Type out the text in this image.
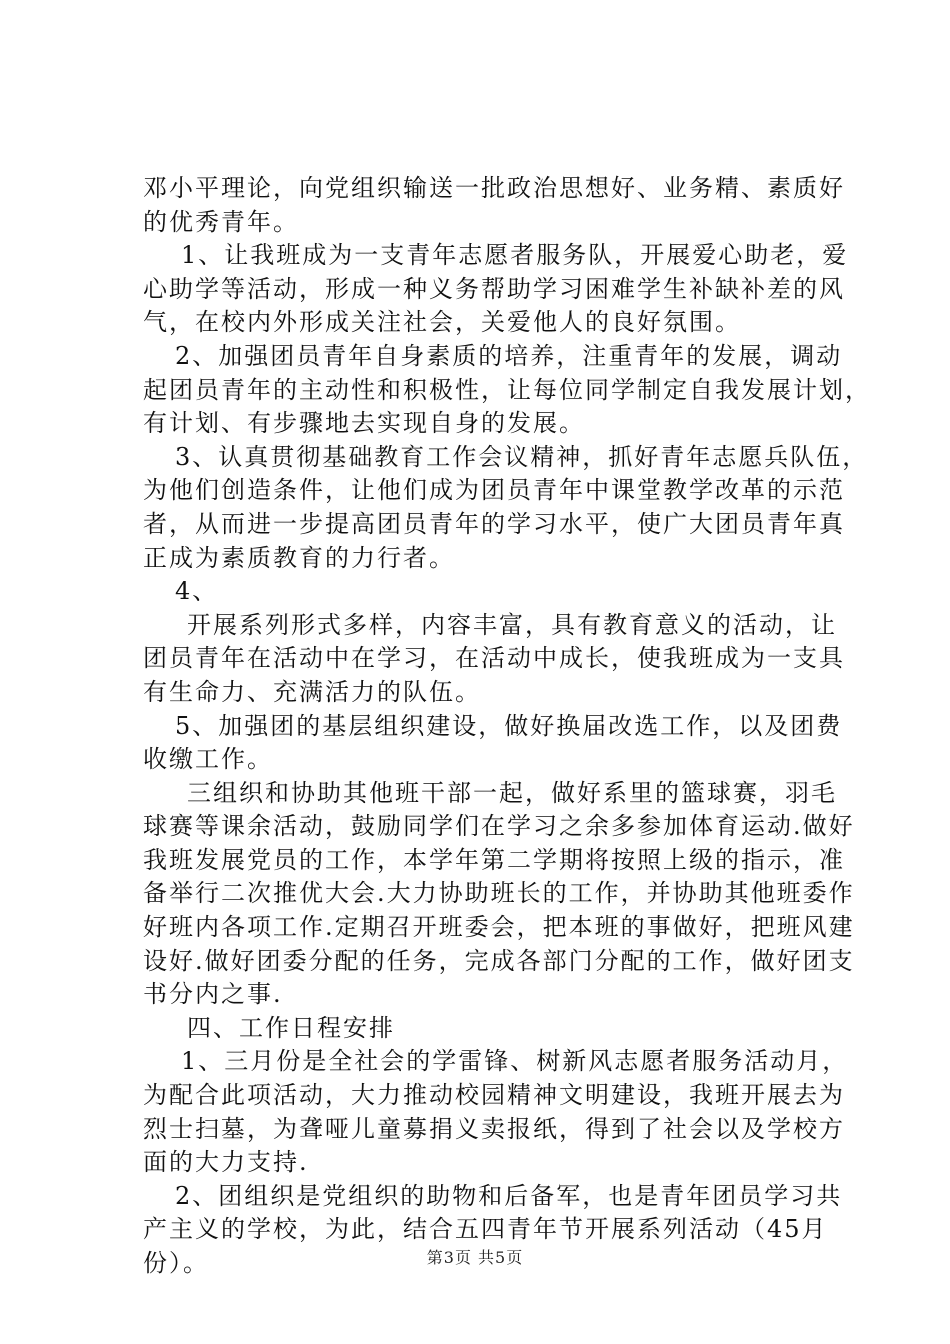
邓小平理论，向党组织输送一批政治思想好、业务精、素质好
的优秀青年。
1、让我班成为一支青年志愿者服务队，开展爱心助老，爱
心助学等活动，形成一种义务帮助学习困难学生补缺补差的风
气，在校内外形成关注社会，关爱他人的良好氛围。
2、加强团员青年自身素质的培养，注重青年的发展，调动
起团员青年的主动性和积极性，让每位同学制定自我发展计划，
有计划、有步骤地去实现自身的发展。
3、认真贯彻基础教育工作会议精神，抓好青年志愿兵队伍，
为他们创造条件，让他们成为团员青年中课堂教学改革的示范
者，从而进一步提高团员青年的学习水平，使广大团员青年真
正成为素质教育的力行者。
4、
开展系列形式多样，内容丰富，具有教育意义的活动，让
团员青年在活动中在学习，在活动中成长，使我班成为一支具
有生命力、充满活力的队伍。
5、加强团的基层组织建设，做好换届改选工作，以及团费
收缴工作。
三组织和协助其他班干部一起，做好系里的篮球赛，羽毛
球赛等课余活动，鼓励同学们在学习之余多参加体育运动.做好
我班发展党员的工作，本学年第二学期将按照上级的指示，准
备举行二次推优大会.大力协助班长的工作，并协助其他班委作
好班内各项工作.定期召开班委会，把本班的事做好，把班风建
设好.做好团委分配的任务，完成各部门分配的工作，做好团支
书分内之事.
四、工作日程安排
1、三月份是全社会的学雷锋、树新风志愿者服务活动月，
为配合此项活动，大力推动校园精神文明建设，我班开展去为
烈士扫墓，为聋哑儿童募捐义卖报纸，得到了社会以及学校方
面的大力支持.
2、团组织是党组织的助物和后备军，也是青年团员学习共
产主义的学校，为此，结合五四青年节开展系列活动（45月
份）。	第3页 共5页
